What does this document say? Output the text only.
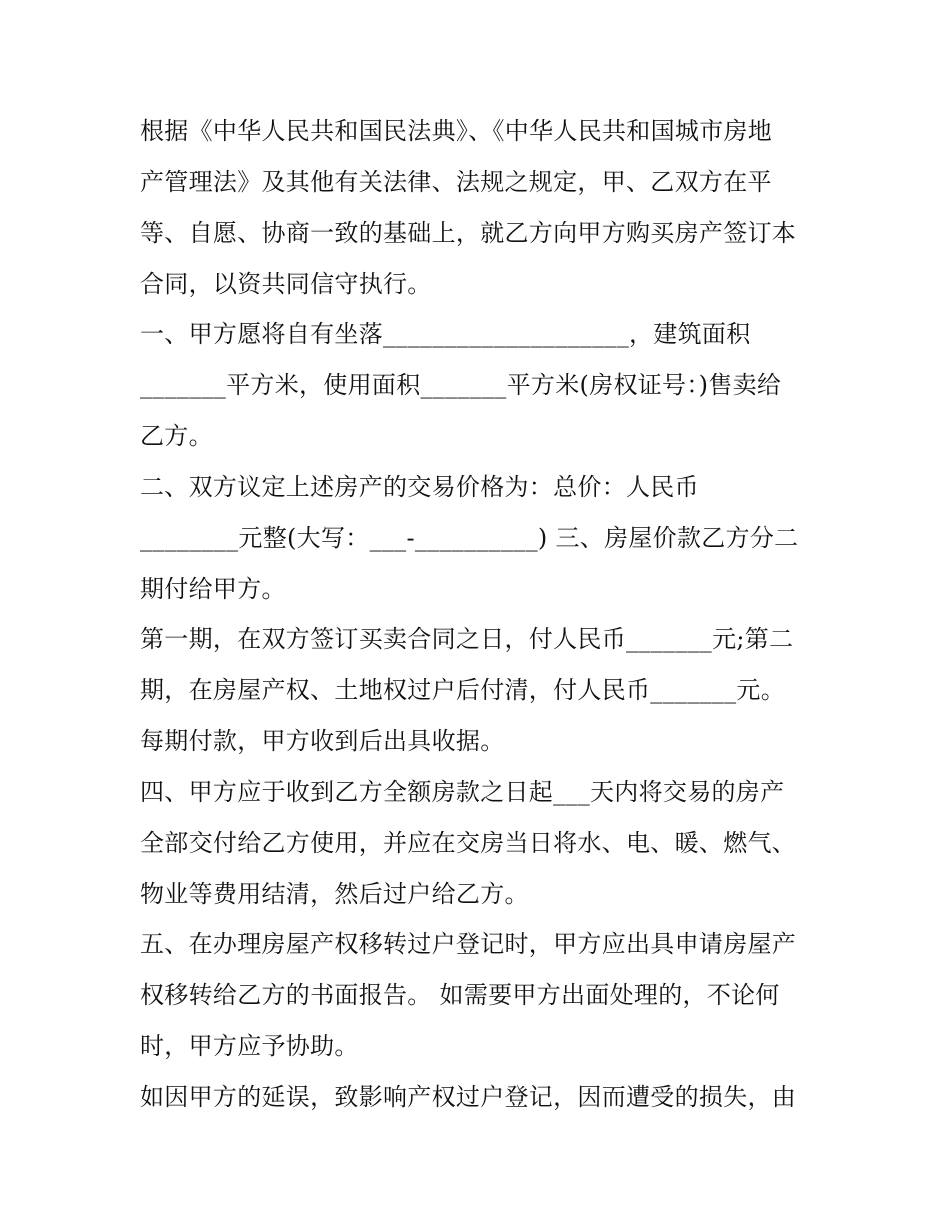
根据《中华人民共和国民法典》、《中华人民共和国城市房地
产管理法》及其他有关法律、法规之规定，甲、乙双方在平
等、自愿、协商一致的基础上，就乙方向甲方购买房产签订本
合同，以资共同信守执行。
一、甲方愿将自有坐落____________________，建筑面积
_______平方米，使用面积_______平方米(房权证号：)售卖给
乙方。
二、双方议定上述房产的交易价格为：总价：人民币
________元整(大写：___-__________) 三、房屋价款乙方分二
期付给甲方。
第一期，在双方签订买卖合同之日，付人民币_______元;第二
期，在房屋产权、土地权过户后付清，付人民币_______元。
每期付款，甲方收到后出具收据。
四、甲方应于收到乙方全额房款之日起___天内将交易的房产
全部交付给乙方使用，并应在交房当日将水、电、暖、燃气、
物业等费用结清，然后过户给乙方。
五、在办理房屋产权移转过户登记时，甲方应出具申请房屋产
权移转给乙方的书面报告。 如需要甲方出面处理的，不论何
时，甲方应予协助。
如因甲方的延误，致影响产权过户登记，因而遭受的损失，由
